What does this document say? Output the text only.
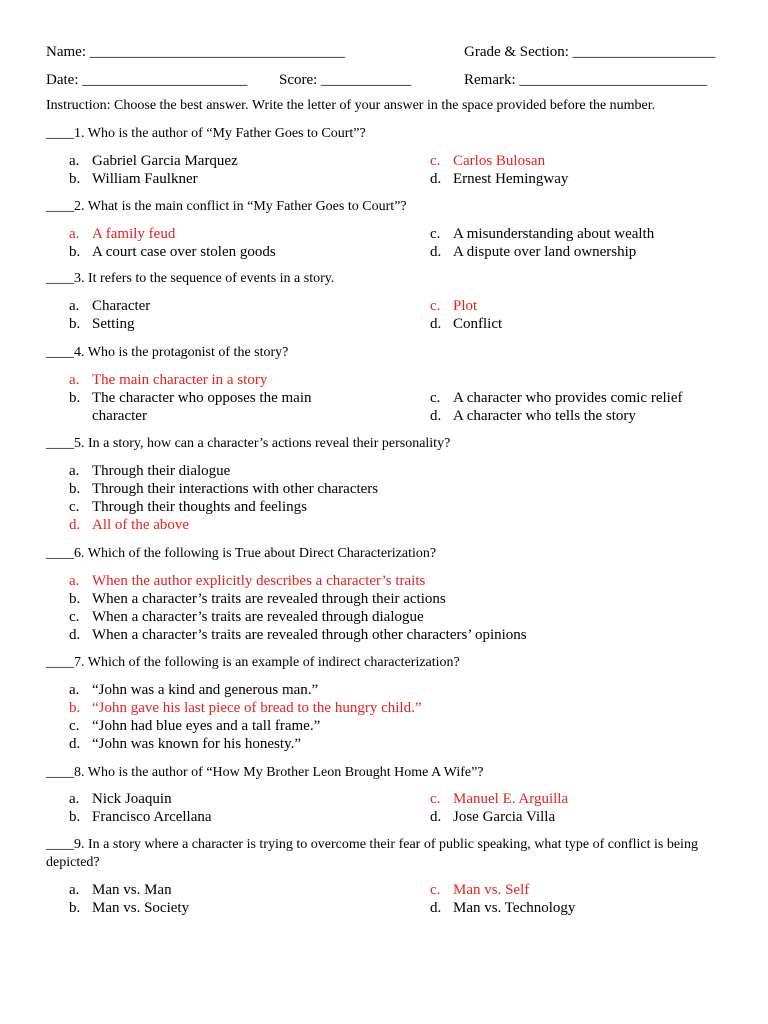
Name: __________________________________	Grade & Section: ___________________
Date: ______________________ Score: ____________	Remark: _________________________
Instruction: Choose the best answer. Write the letter of your answer in the space provided before the number.
____1. Who is the author of “My Father Goes to Court”?
a. Gabriel Garcia Marquez
b. William Faulkner
c. Carlos Bulosan
d. Ernest Hemingway
____2. What is the main conflict in “My Father Goes to Court”?
a. A family feud
b. A court case over stolen goods
c. A misunderstanding about wealth
d. A dispute over land ownership
____3. It refers to the sequence of events in a story.
a. Character
b. Setting
c. Plot
d. Conflict
____4. Who is the protagonist of the story?
a. The main character in a story
b. The character who opposes the main character
c. A character who provides comic relief
d. A character who tells the story
____5. In a story, how can a character’s actions reveal their personality?
a. Through their dialogue
b. Through their interactions with other characters
c. Through their thoughts and feelings
d. All of the above
____6. Which of the following is True about Direct Characterization?
a. When the author explicitly describes a character’s traits
b. When a character’s traits are revealed through their actions
c. When a character’s traits are revealed through dialogue
d. When a character’s traits are revealed through other characters’ opinions
____7. Which of the following is an example of indirect characterization?
a. “John was a kind and generous man.”
b. “John gave his last piece of bread to the hungry child.”
c. “John had blue eyes and a tall frame.”
d. “John was known for his honesty.”
____8. Who is the author of “How My Brother Leon Brought Home A Wife”?
a. Nick Joaquin
b. Francisco Arcellana
c. Manuel E. Arguilla
d. Jose Garcia Villa
____9. In a story where a character is trying to overcome their fear of public speaking, what type of conflict is being depicted?
a. Man vs. Man
b. Man vs. Society
c. Man vs. Self
d. Man vs. Technology
